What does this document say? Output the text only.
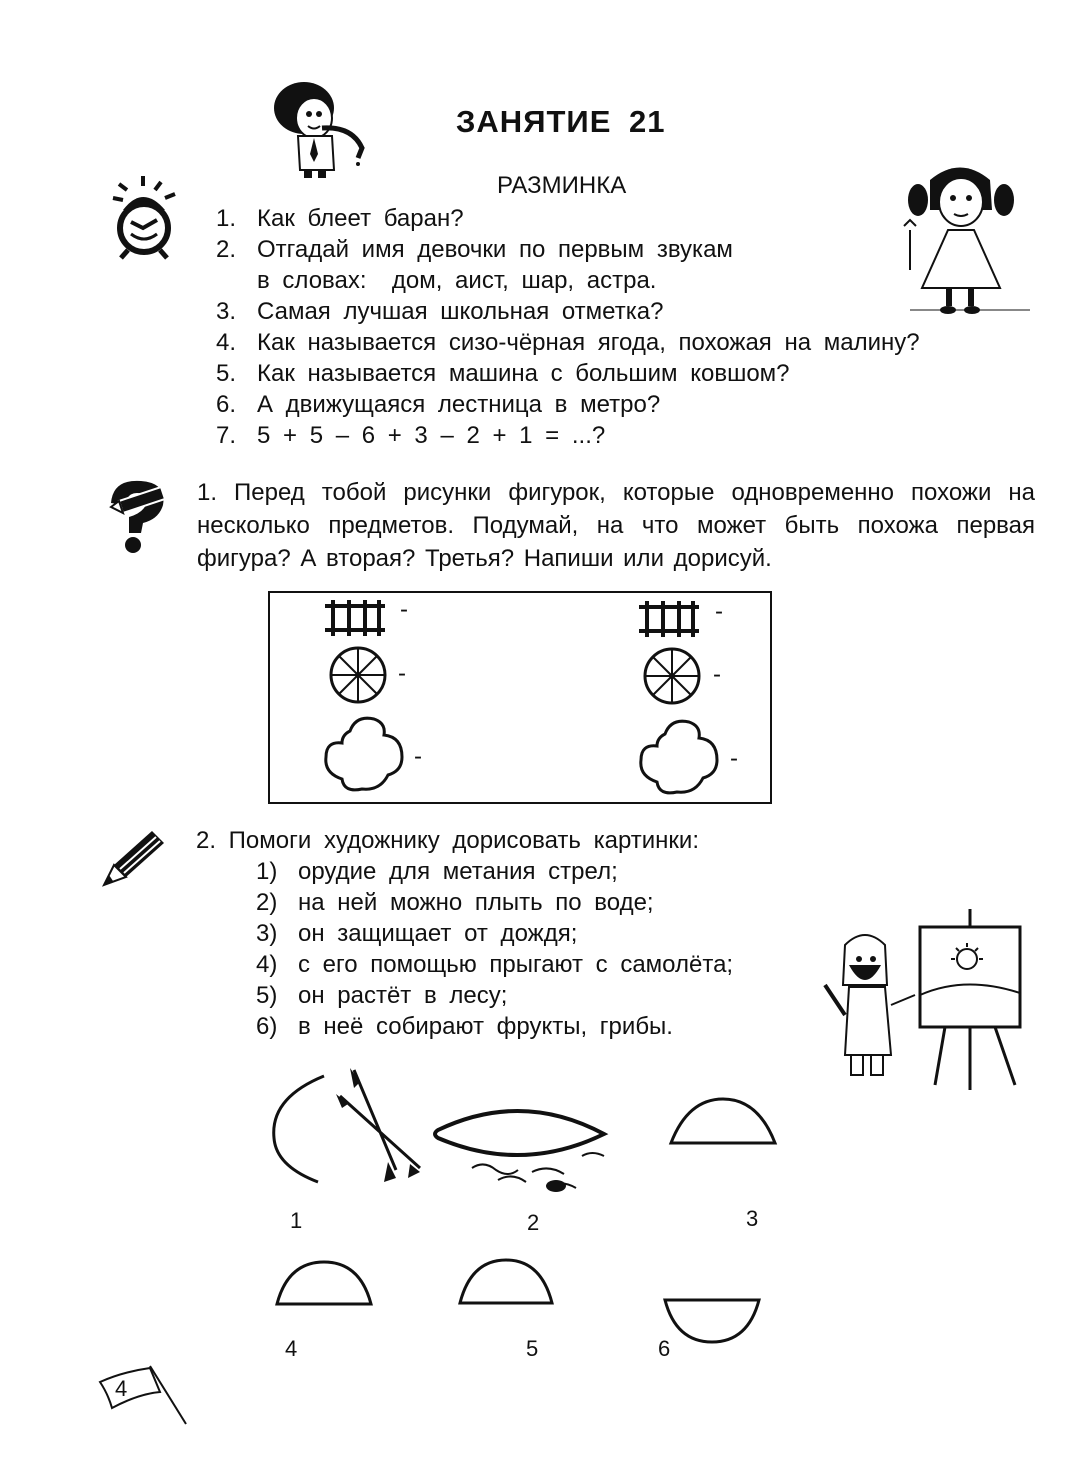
ЗАНЯТИЕ 21
РАЗМИНКА
1. Как блеет баран?
2. Отгадай имя девочки по первым звукам
в словах:  дом, аист, шар, астра.
3. Самая лучшая школьная отметка?
4. Как называется сизо-чёрная ягода, похожая на малину?
5. Как называется машина с большим ковшом?
6. А движущаяся лестница в метро?
7. 5 + 5 – 6 + 3 – 2 + 1 = ...?
1. Перед тобой рисунки фигурок, которые одновременно похожи на несколько предметов. Подумай, на что может быть похожа первая фигура? А вторая? Третья? Напиши или дорисуй.
-
-
-
-
-
-
2. Помоги художнику дорисовать картинки:
1) орудие для метания стрел;
2) на ней можно плыть по воде;
3) он защищает от дождя;
4) с его помощью прыгают с самолёта;
5) он растёт в лесу;
6) в неё собирают фрукты, грибы.
1	2	3
4	5	6
4
